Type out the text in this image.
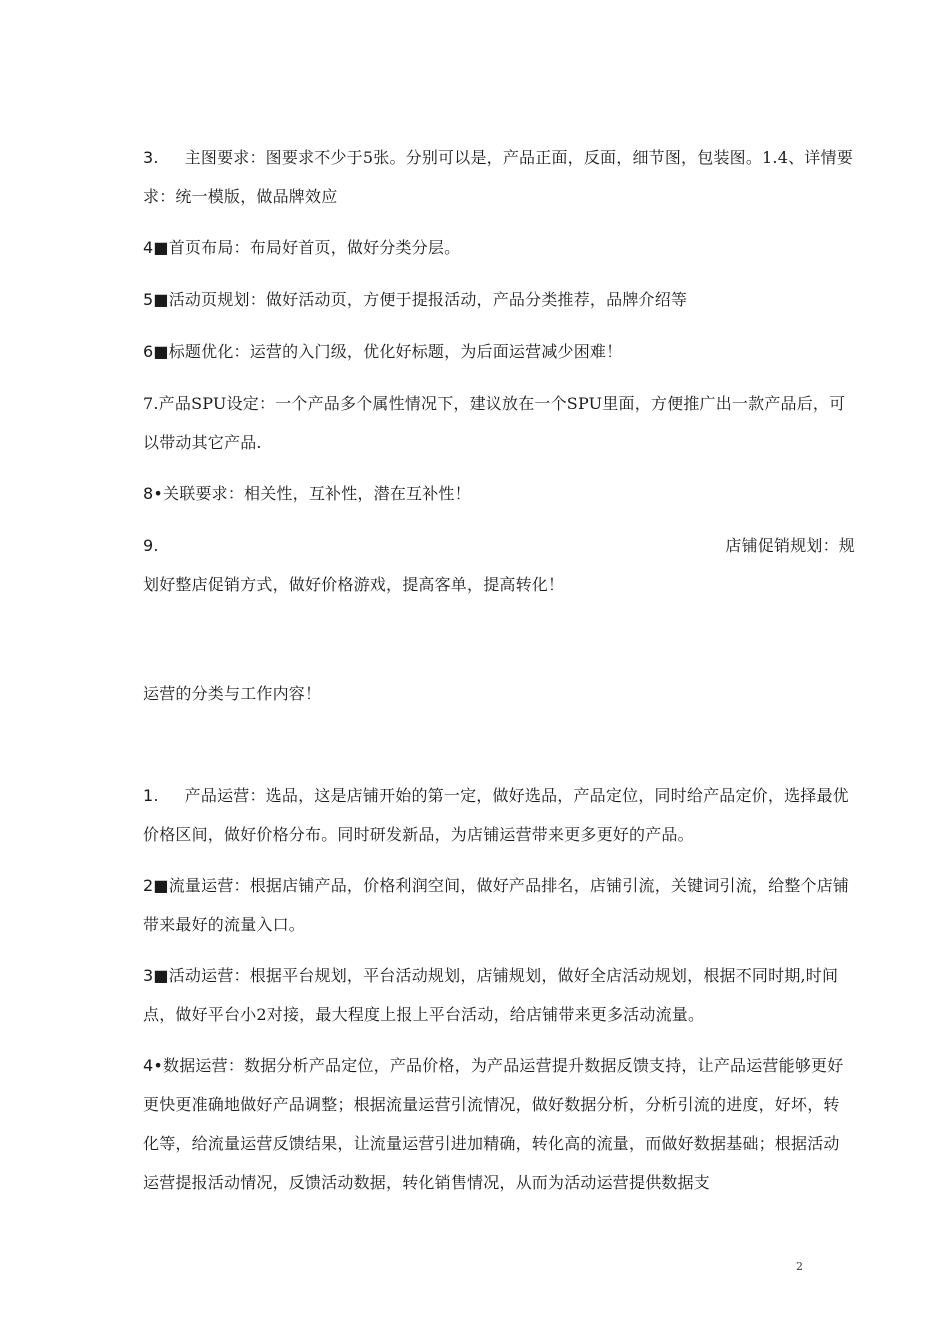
3. 主图要求：图要求不少于5张。分别可以是，产品正面，反面，细节图，包装图。1.4、详情要求：统一模版，做品牌效应

4■首页布局：布局好首页，做好分类分层。

5■活动页规划：做好活动页，方便于提报活动，产品分类推荐，品牌介绍等

6■标题优化：运营的入门级，优化好标题，为后面运营减少困难！

7.产品SPU设定：一个产品多个属性情况下，建议放在一个SPU里面，方便推广出一款产品后，可以带动其它产品.

8•关联要求：相关性，互补性，潜在互补性！

9.	店铺促销规划：规
划好整店促销方式，做好价格游戏，提高客单，提高转化！

运营的分类与工作内容！

1. 产品运营：选品，这是店铺开始的第一定，做好选品，产品定位，同时给产品定价，选择最优价格区间，做好价格分布。同时研发新品，为店铺运营带来更多更好的产品。

2■流量运营：根据店铺产品，价格利润空间，做好产品排名，店铺引流，关键词引流，给整个店铺带来最好的流量入口。

3■活动运营：根据平台规划，平台活动规划，店铺规划，做好全店活动规划，根据不同时期,时间点，做好平台小2对接，最大程度上报上平台活动，给店铺带来更多活动流量。

4•数据运营：数据分析产品定位，产品价格，为产品运营提升数据反馈支持，让产品运营能够更好更快更准确地做好产品调整；根据流量运营引流情况，做好数据分析，分析引流的进度，好坏，转化等，给流量运营反馈结果，让流量运营引进加精确，转化高的流量，而做好数据基础；根据活动运营提报活动情况，反馈活动数据，转化销售情况，从而为活动运营提供数据支

2
